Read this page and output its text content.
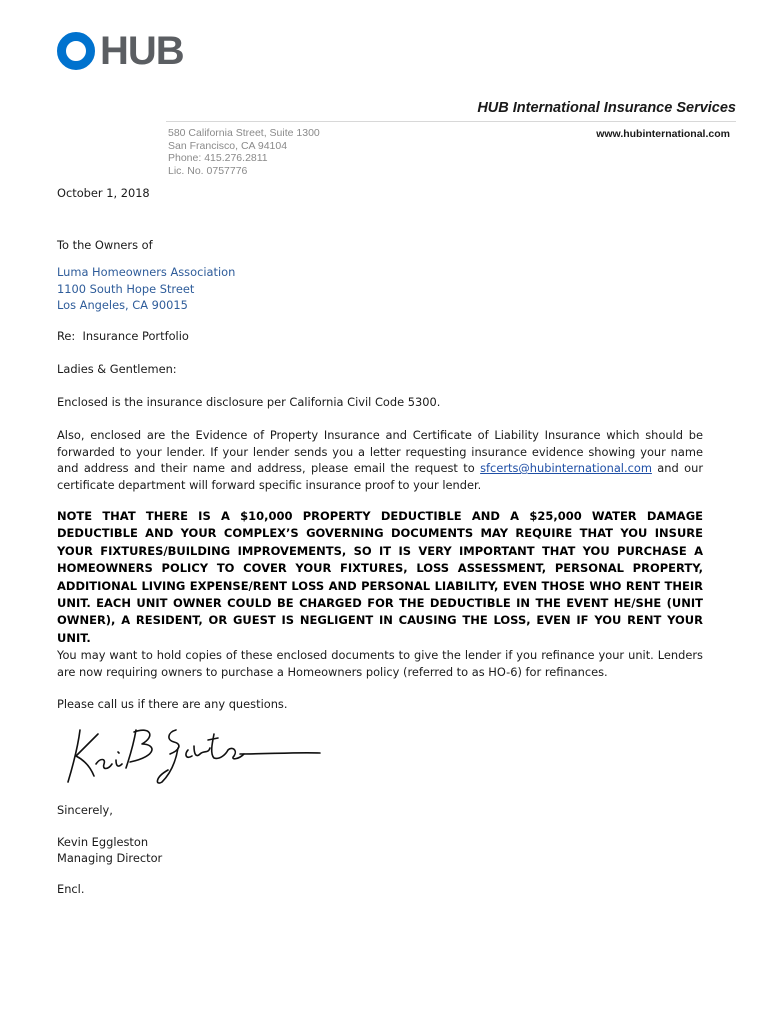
HUB
HUB International Insurance Services
580 California Street, Suite 1300
San Francisco, CA 94104
Phone: 415.276.2811
Lic. No. 0757776
www.hubinternational.com
October 1, 2018
To the Owners of
Luma Homeowners Association
1100 South Hope Street
Los Angeles, CA 90015
Re:  Insurance Portfolio
Ladies & Gentlemen:
Enclosed is the insurance disclosure per California Civil Code 5300.
Also, enclosed are the Evidence of Property Insurance and Certificate of Liability Insurance which should be forwarded to your lender. If your lender sends you a letter requesting insurance evidence showing your name and address and their name and address, please email the request to sfcerts@hubinternational.com and our certificate department will forward specific insurance proof to your lender.
NOTE THAT THERE IS A $10,000 PROPERTY DEDUCTIBLE AND A $25,000 WATER DAMAGE DEDUCTIBLE AND YOUR COMPLEX’S GOVERNING DOCUMENTS MAY REQUIRE THAT YOU INSURE YOUR FIXTURES/BUILDING IMPROVEMENTS, SO IT IS VERY IMPORTANT THAT YOU PURCHASE A HOMEOWNERS POLICY TO COVER YOUR FIXTURES, LOSS ASSESSMENT, PERSONAL PROPERTY, ADDITIONAL LIVING EXPENSE/RENT LOSS AND PERSONAL LIABILITY, EVEN THOSE WHO RENT THEIR UNIT. EACH UNIT OWNER COULD BE CHARGED FOR THE DEDUCTIBLE IN THE EVENT HE/SHE (UNIT OWNER), A RESIDENT, OR GUEST IS NEGLIGENT IN CAUSING THE LOSS, EVEN IF YOU RENT YOUR UNIT.
You may want to hold copies of these enclosed documents to give the lender if you refinance your unit. Lenders are now requiring owners to purchase a Homeowners policy (referred to as HO-6) for refinances.
Please call us if there are any questions.
Sincerely,
Kevin Eggleston
Managing Director
Encl.
